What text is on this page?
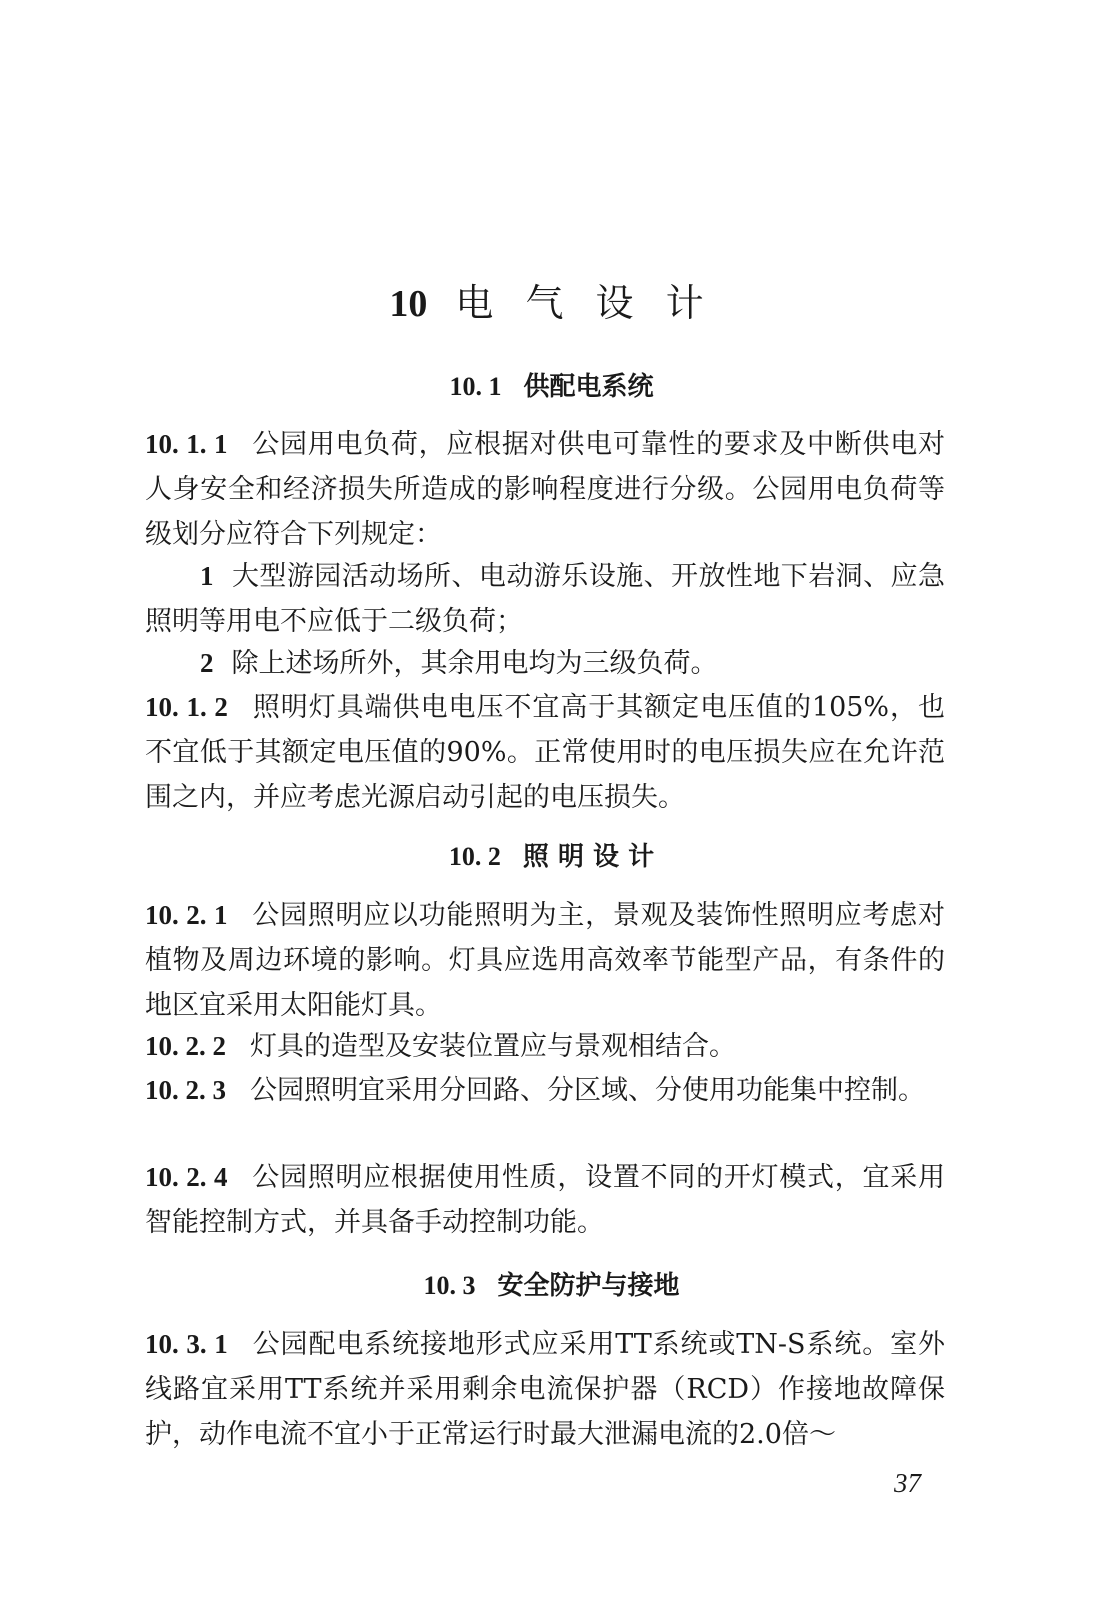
10 电 气 设 计
10. 1 供配电系统
10. 1. 1 公园用电负荷，应根据对供电可靠性的要求及中断供电对人身安全和经济损失所造成的影响程度进行分级。公园用电负荷等级划分应符合下列规定：
1 大型游园活动场所、电动游乐设施、开放性地下岩洞、应急照明等用电不应低于二级负荷；
2 除上述场所外，其余用电均为三级负荷。
10. 1. 2 照明灯具端供电电压不宜高于其额定电压值的105%，也不宜低于其额定电压值的90%。正常使用时的电压损失应在允许范围之内，并应考虑光源启动引起的电压损失。
10. 2 照 明 设 计
10. 2. 1 公园照明应以功能照明为主，景观及装饰性照明应考虑对植物及周边环境的影响。灯具应选用高效率节能型产品，有条件的地区宜采用太阳能灯具。
10. 2. 2 灯具的造型及安装位置应与景观相结合。
10. 2. 3 公园照明宜采用分回路、分区域、分使用功能集中控制。
10. 2. 4 公园照明应根据使用性质，设置不同的开灯模式，宜采用智能控制方式，并具备手动控制功能。
10. 3 安全防护与接地
10. 3. 1 公园配电系统接地形式应采用TT系统或TN-S系统。室外线路宜采用TT系统并采用剩余电流保护器（RCD）作接地故障保护，动作电流不宜小于正常运行时最大泄漏电流的2.0倍～
37
